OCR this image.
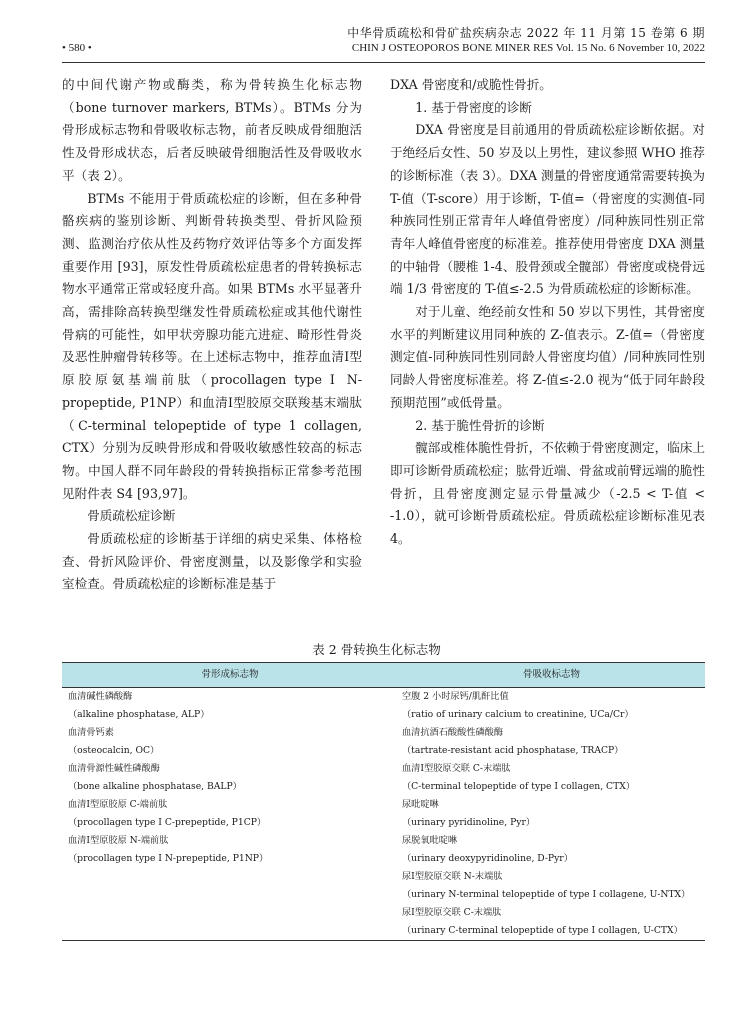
中华骨质疏松和骨矿盐疾病杂志 2022 年 11 月第 15 卷第 6 期
• 580 •	CHIN J OSTEOPOROS BONE MINER RES Vol. 15 No. 6 November 10, 2022

的中间代谢产物或酶类，称为骨转换生化标志物（bone turnover markers, BTMs）。BTMs 分为骨形成标志物和骨吸收标志物，前者反映成骨细胞活性及骨形成状态，后者反映破骨细胞活性及骨吸收水平（表 2）。

BTMs 不能用于骨质疏松症的诊断，但在多种骨骼疾病的鉴别诊断、判断骨转换类型、骨折风险预测、监测治疗依从性及药物疗效评估等多个方面发挥重要作用 [93]，原发性骨质疏松症患者的骨转换标志物水平通常正常或轻度升高。如果 BTMs 水平显著升高，需排除高转换型继发性骨质疏松症或其他代谢性骨病的可能性，如甲状旁腺功能亢进症、畸形性骨炎及恶性肿瘤骨转移等。在上述标志物中，推荐血清Ⅰ型原胶原氨基端前肽（procollagen type Ⅰ N-propeptide, P1NP）和血清Ⅰ型胶原交联羧基末端肽（C-terminal telopeptide of type 1 collagen, CTX）分别为反映骨形成和骨吸收敏感性较高的标志物。中国人群不同年龄段的骨转换指标正常参考范围见附件表 S4 [93,97]。

骨质疏松症诊断

骨质疏松症的诊断基于详细的病史采集、体格检查、骨折风险评价、骨密度测量，以及影像学和实验室检查。骨质疏松症的诊断标准是基于

DXA 骨密度和/或脆性骨折。

1. 基于骨密度的诊断

DXA 骨密度是目前通用的骨质疏松症诊断依据。对于绝经后女性、50 岁及以上男性，建议参照 WHO 推荐的诊断标准（表 3）。DXA 测量的骨密度通常需要转换为 T-值（T-score）用于诊断，T-值=（骨密度的实测值-同种族同性别正常青年人峰值骨密度）/同种族同性别正常青年人峰值骨密度的标准差。推荐使用骨密度 DXA 测量的中轴骨（腰椎 1-4、股骨颈或全髋部）骨密度或桡骨远端 1/3 骨密度的 T-值≤-2.5 为骨质疏松症的诊断标准。

对于儿童、绝经前女性和 50 岁以下男性，其骨密度水平的判断建议用同种族的 Z-值表示。Z-值=（骨密度测定值-同种族同性别同龄人骨密度均值）/同种族同性别同龄人骨密度标准差。将 Z-值≤-2.0 视为“低于同年龄段预期范围”或低骨量。

2. 基于脆性骨折的诊断

髋部或椎体脆性骨折，不依赖于骨密度测定，临床上即可诊断骨质疏松症；肱骨近端、骨盆或前臂远端的脆性骨折，且骨密度测定显示骨量减少（-2.5 < T-值 < -1.0），就可诊断骨质疏松症。骨质疏松症诊断标准见表 4。

表 2 骨转换生化标志物
骨形成标志物	骨吸收标志物
血清碱性磷酸酶	空腹 2 小时尿钙/肌酐比值
（alkaline phosphatase, ALP）	（ratio of urinary calcium to creatinine, UCa/Cr）
血清骨钙素	血清抗酒石酸酸性磷酸酶
（osteocalcin, OC）	（tartrate-resistant acid phosphatase, TRACP）
血清骨源性碱性磷酸酶	血清Ⅰ型胶原交联 C-末端肽
（bone alkaline phosphatase, BALP）	（C-terminal telopeptide of type Ⅰ collagen, CTX）
血清Ⅰ型原胶原 C-端前肽	尿吡啶啉
（procollagen type Ⅰ C-prepeptide, P1CP）	（urinary pyridinoline, Pyr）
血清Ⅰ型原胶原 N-端前肽	尿脱氧吡啶啉
（procollagen type Ⅰ N-prepeptide, P1NP）	（urinary deoxypyridinoline, D-Pyr）
	尿Ⅰ型胶原交联 N-末端肽
	（urinary N-terminal telopeptide of type Ⅰ collagene, U-NTX）
	尿Ⅰ型胶原交联 C-末端肽
	（urinary C-terminal telopeptide of type Ⅰ collagen, U-CTX）
